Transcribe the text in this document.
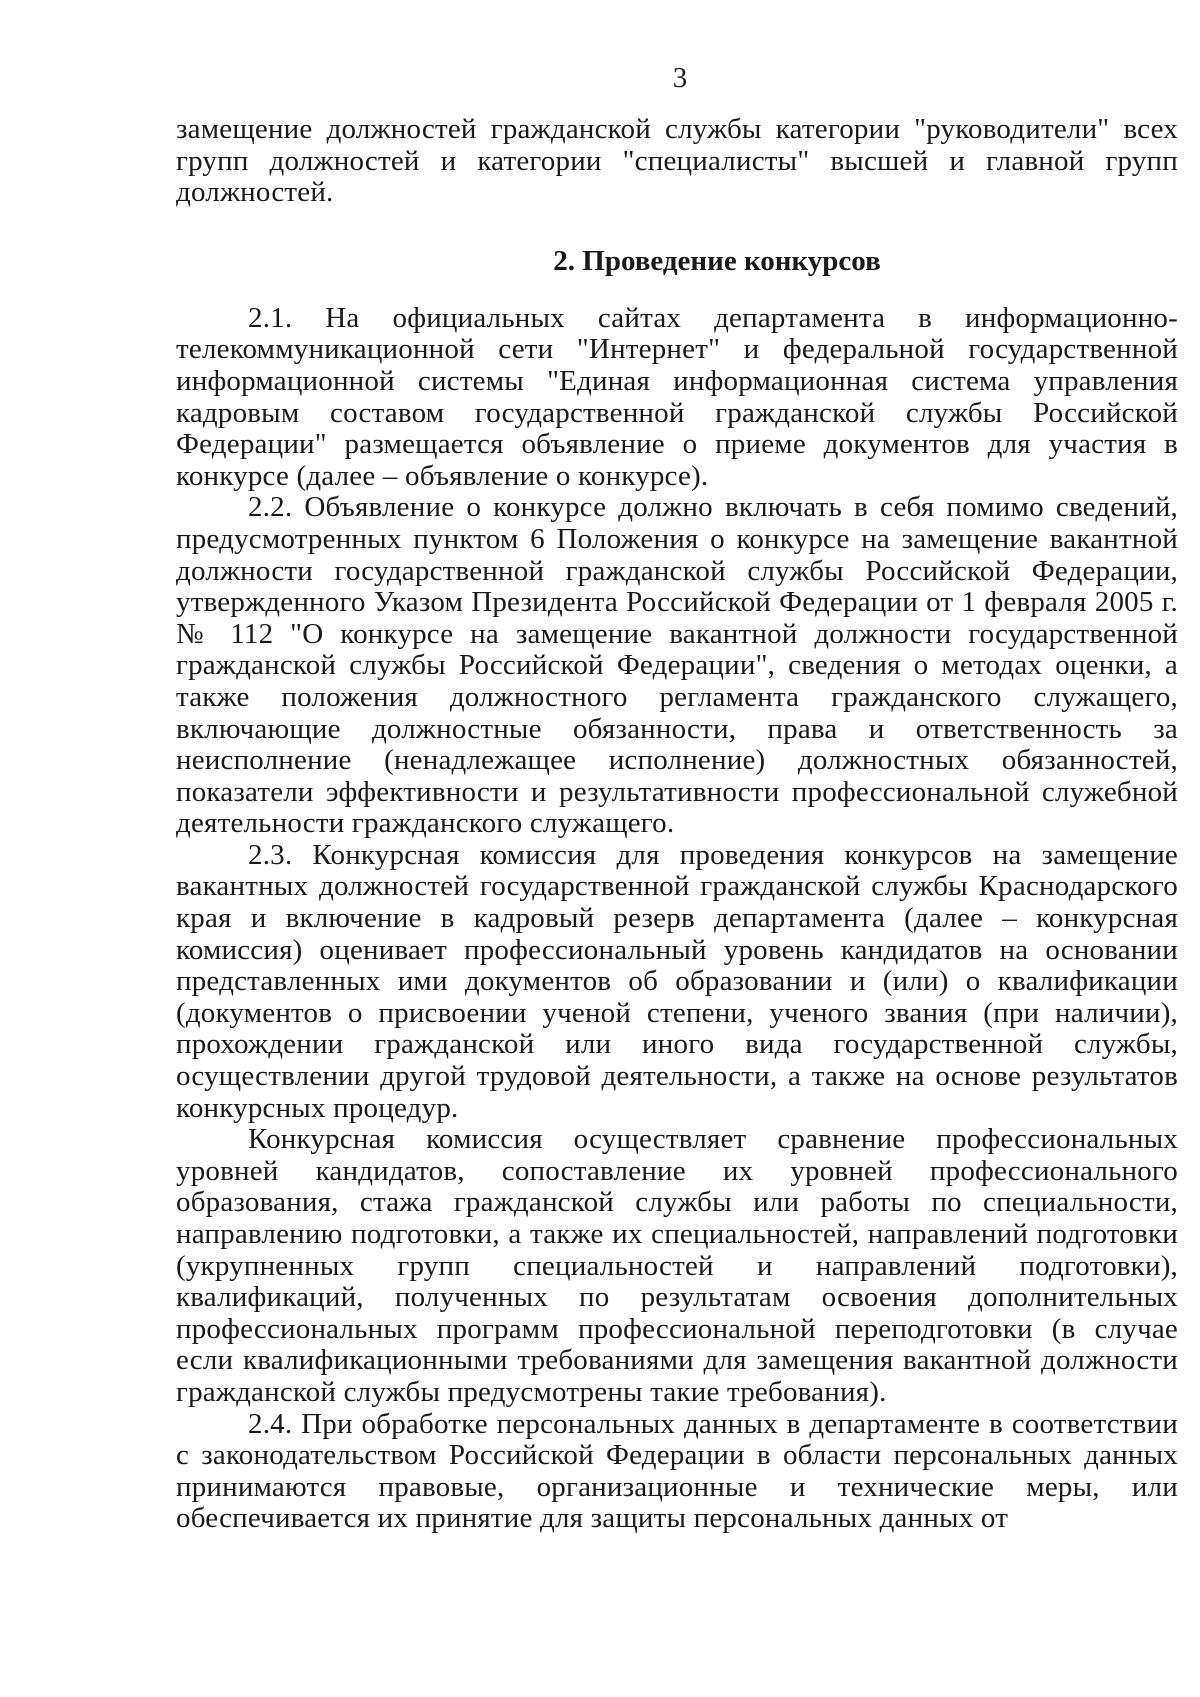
3

замещение должностей гражданской службы категории "руководители" всех групп должностей и категории "специалисты" высшей и главной групп должностей.

2. Проведение конкурсов

2.1. На официальных сайтах департамента в информационно-телекоммуникационной сети "Интернет" и федеральной государственной информационной системы "Единая информационная система управления кадровым составом государственной гражданской службы Российской Федерации" размещается объявление о приеме документов для участия в конкурсе (далее – объявление о конкурсе).

2.2. Объявление о конкурсе должно включать в себя помимо сведений, предусмотренных пунктом 6 Положения о конкурсе на замещение вакантной должности государственной гражданской службы Российской Федерации, утвержденного Указом Президента Российской Федерации от 1 февраля 2005 г. № 112 "О конкурсе на замещение вакантной должности государственной гражданской службы Российской Федерации", сведения о методах оценки, а также положения должностного регламента гражданского служащего, включающие должностные обязанности, права и ответственность за неисполнение (ненадлежащее исполнение) должностных обязанностей, показатели эффективности и результативности профессиональной служебной деятельности гражданского служащего.

2.3. Конкурсная комиссия для проведения конкурсов на замещение вакантных должностей государственной гражданской службы Краснодарского края и включение в кадровый резерв департамента (далее – конкурсная комиссия) оценивает профессиональный уровень кандидатов на основании представленных ими документов об образовании и (или) о квалификации (документов о присвоении ученой степени, ученого звания (при наличии), прохождении гражданской или иного вида государственной службы, осуществлении другой трудовой деятельности, а также на основе результатов конкурсных процедур.

Конкурсная комиссия осуществляет сравнение профессиональных уровней кандидатов, сопоставление их уровней профессионального образования, стажа гражданской службы или работы по специальности, направлению подготовки, а также их специальностей, направлений подготовки (укрупненных групп специальностей и направлений подготовки), квалификаций, полученных по результатам освоения дополнительных профессиональных программ профессиональной переподготовки (в случае если квалификационными требованиями для замещения вакантной должности гражданской службы предусмотрены такие требования).

2.4. При обработке персональных данных в департаменте в соответствии с законодательством Российской Федерации в области персональных данных принимаются правовые, организационные и технические меры, или обеспечивается их принятие для защиты персональных данных от
